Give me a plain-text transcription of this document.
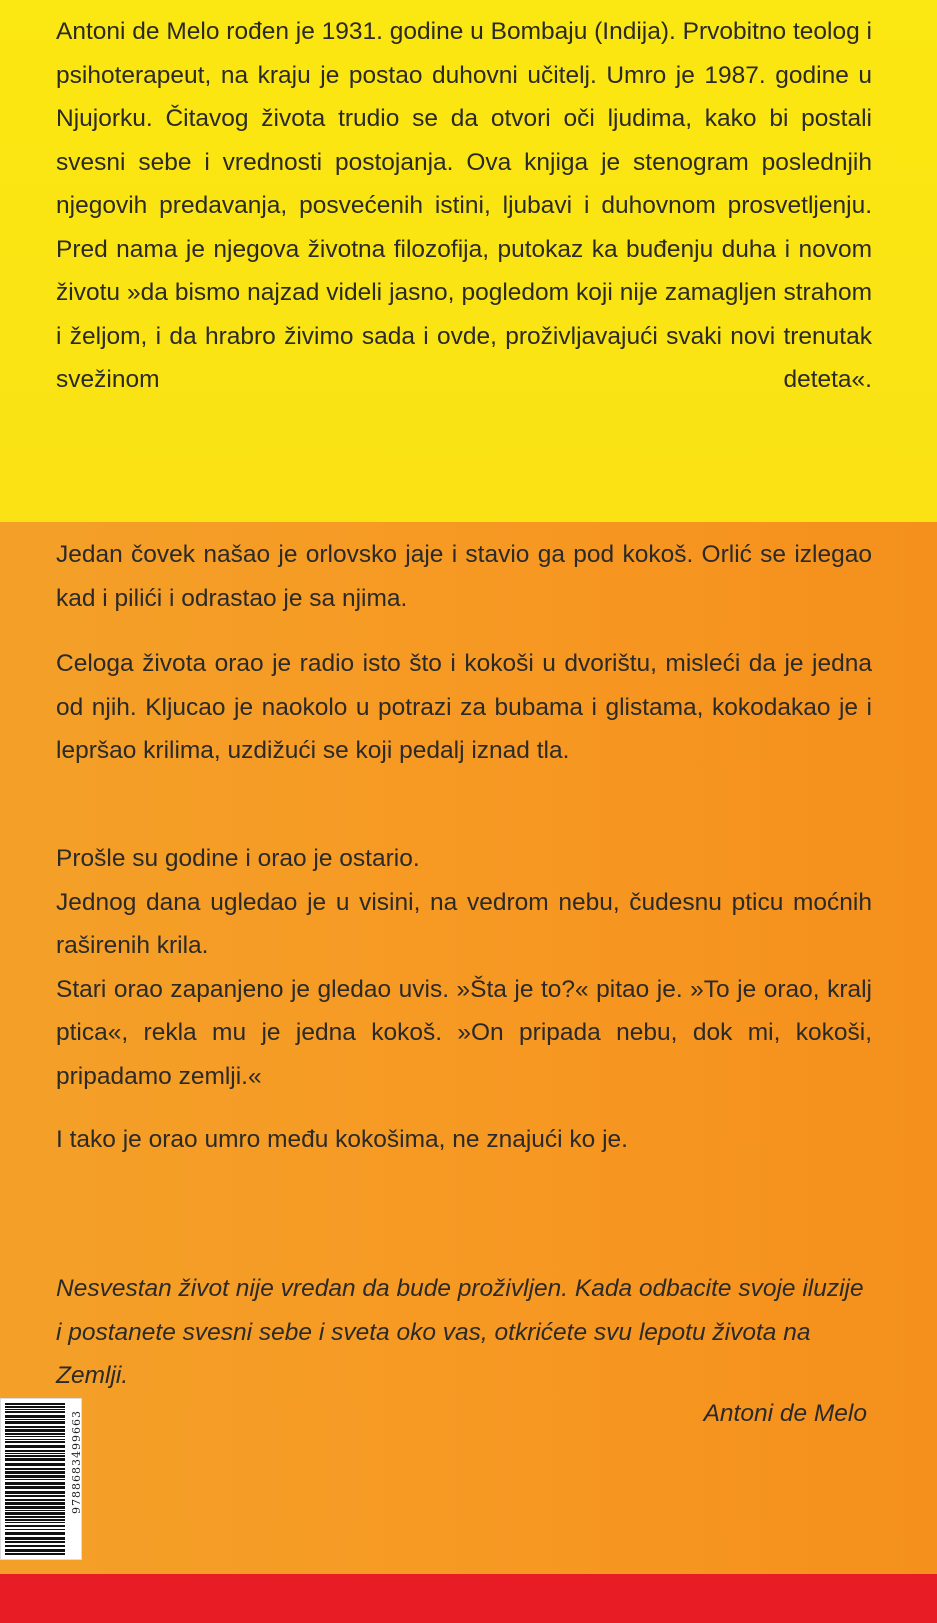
Antoni de Melo rođen je 1931. godine u Bombaju (Indija). Prvobitno teolog i psihoterapeut, na kraju je postao duhovni učitelj. Umro je 1987. godine u Njujorku. Čitavog života trudio se da otvori oči ljudima, kako bi postali svesni sebe i vrednosti postojanja. Ova knjiga je stenogram poslednjih njegovih predavanja, posvećenih istini, ljubavi i duhovnom prosvetljenju. Pred nama je njegova životna filozofija, putokaz ka buđenju duha i novom životu »da bismo najzad videli jasno, pogledom koji nije zamagljen strahom i željom, i da hrabro živimo sada i ovde, proživljavajući svaki novi trenutak svežinom deteta«.

Jedan čovek našao je orlovsko jaje i stavio ga pod kokoš. Orlić se izlegao kad i pilići i odrastao je sa njima.

Celoga života orao je radio isto što i kokoši u dvorištu, misleći da je jedna od njih. Kljucao je naokolo u potrazi za bubama i glistama, kokodakao je i lepršao krilima, uzdižući se koji pedalj iznad tla.

Prošle su godine i orao je ostario.

Jednog dana ugledao je u visini, na vedrom nebu, čudesnu pticu moćnih raširenih krila.

Stari orao zapanjeno je gledao uvis. »Šta je to?« pitao je. »To je orao, kralj ptica«, rekla mu je jedna kokoš. »On pripada nebu, dok mi, kokoši, pripadamo zemlji.«

I tako je orao umro među kokošima, ne znajući ko je.

Nesvestan život nije vredan da bude proživljen. Kada odbacite svoje iluzije i postanete svesni sebe i sveta oko vas, otkrićete svu lepotu života na Zemlji.

Antoni de Melo

9788683499663
